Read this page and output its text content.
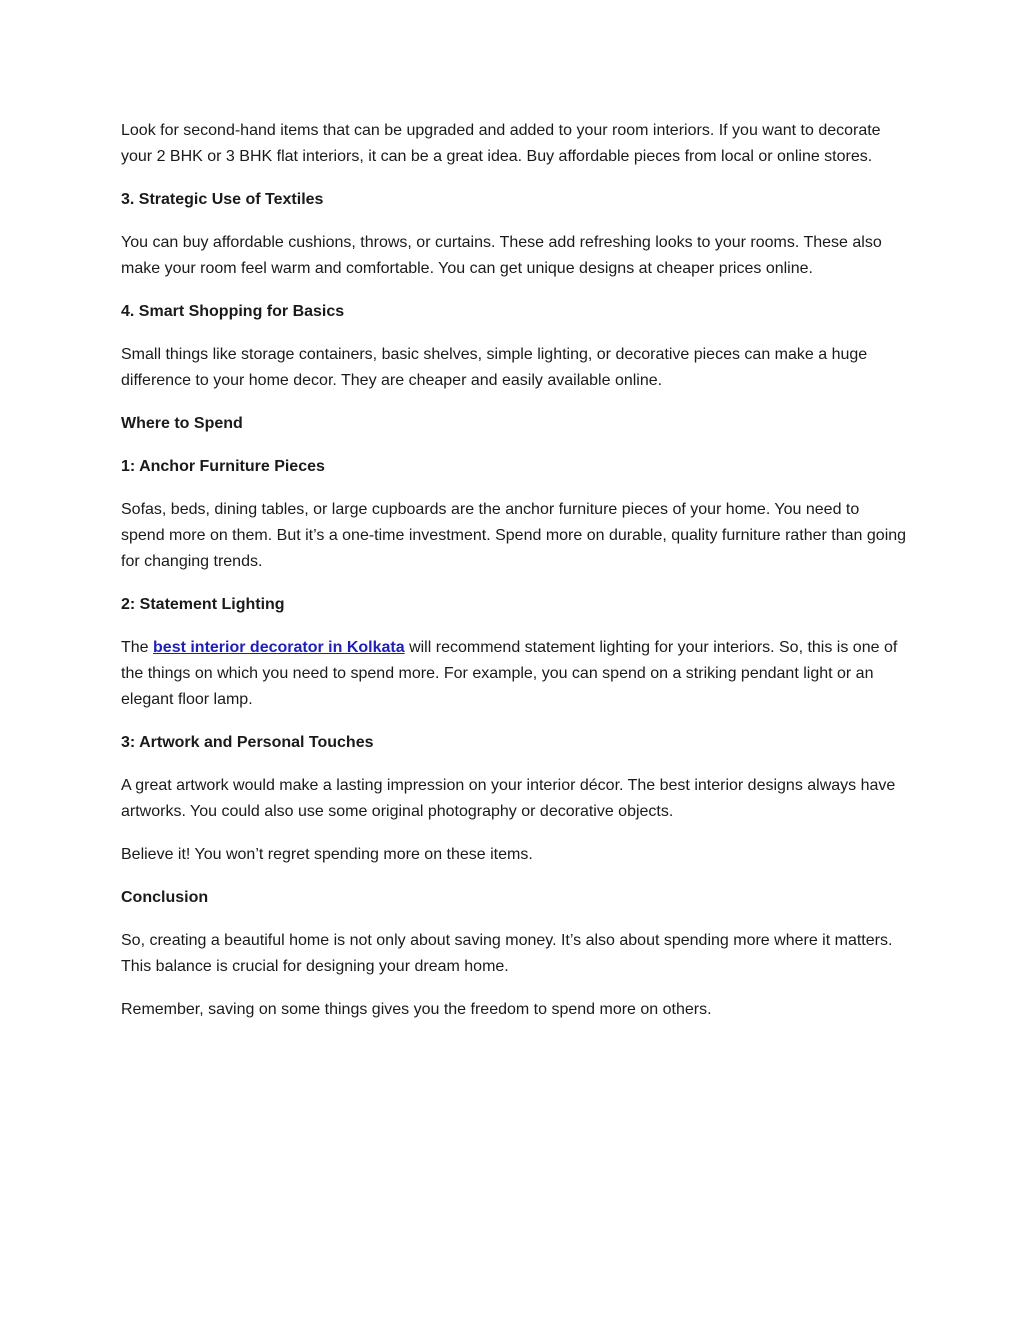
Look for second-hand items that can be upgraded and added to your room interiors. If you want to decorate your 2 BHK or 3 BHK flat interiors, it can be a great idea. Buy affordable pieces from local or online stores.

3. Strategic Use of Textiles

You can buy affordable cushions, throws, or curtains. These add refreshing looks to your rooms. These also make your room feel warm and comfortable. You can get unique designs at cheaper prices online.

4. Smart Shopping for Basics

Small things like storage containers, basic shelves, simple lighting, or decorative pieces can make a huge difference to your home decor. They are cheaper and easily available online.

Where to Spend

1: Anchor Furniture Pieces

Sofas, beds, dining tables, or large cupboards are the anchor furniture pieces of your home. You need to spend more on them. But it’s a one-time investment. Spend more on durable, quality furniture rather than going for changing trends.

2: Statement Lighting

The best interior decorator in Kolkata will recommend statement lighting for your interiors. So, this is one of the things on which you need to spend more. For example, you can spend on a striking pendant light or an elegant floor lamp.

3: Artwork and Personal Touches

A great artwork would make a lasting impression on your interior décor. The best interior designs always have artworks. You could also use some original photography or decorative objects.

Believe it! You won’t regret spending more on these items.

Conclusion

So, creating a beautiful home is not only about saving money. It’s also about spending more where it matters. This balance is crucial for designing your dream home.

Remember, saving on some things gives you the freedom to spend more on others.
